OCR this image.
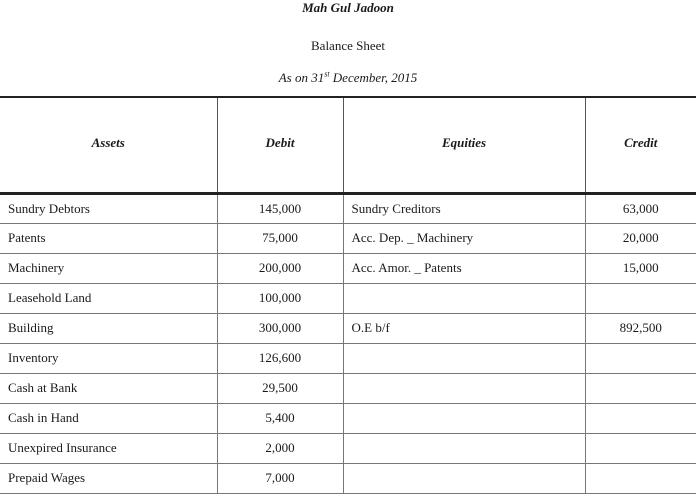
Mah Gul Jadoon
Balance Sheet
As on 31st December, 2015
Assets	Debit	Equities	Credit
Sundry Debtors	145,000	Sundry Creditors	63,000
Patents	75,000	Acc. Dep. _ Machinery	20,000
Machinery	200,000	Acc. Amor. _ Patents	15,000
Leasehold Land	100,000		
Building	300,000	O.E b/f	892,500
Inventory	126,600		
Cash at Bank	29,500		
Cash in Hand	5,400		
Unexpired Insurance	2,000		
Prepaid Wages	7,000		
